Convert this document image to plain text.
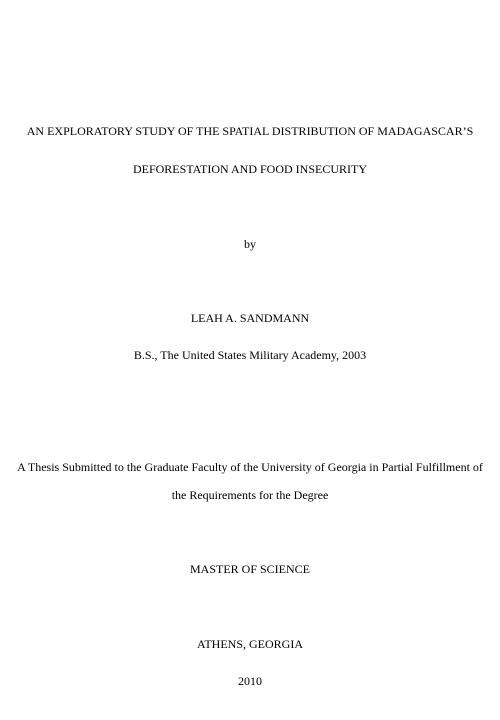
AN EXPLORATORY STUDY OF THE SPATIAL DISTRIBUTION OF MADAGASCAR’S
DEFORESTATION AND FOOD INSECURITY
by
LEAH A. SANDMANN
B.S., The United States Military Academy, 2003
A Thesis Submitted to the Graduate Faculty of the University of Georgia in Partial Fulfillment of
the Requirements for the Degree
MASTER OF SCIENCE
ATHENS, GEORGIA
2010
